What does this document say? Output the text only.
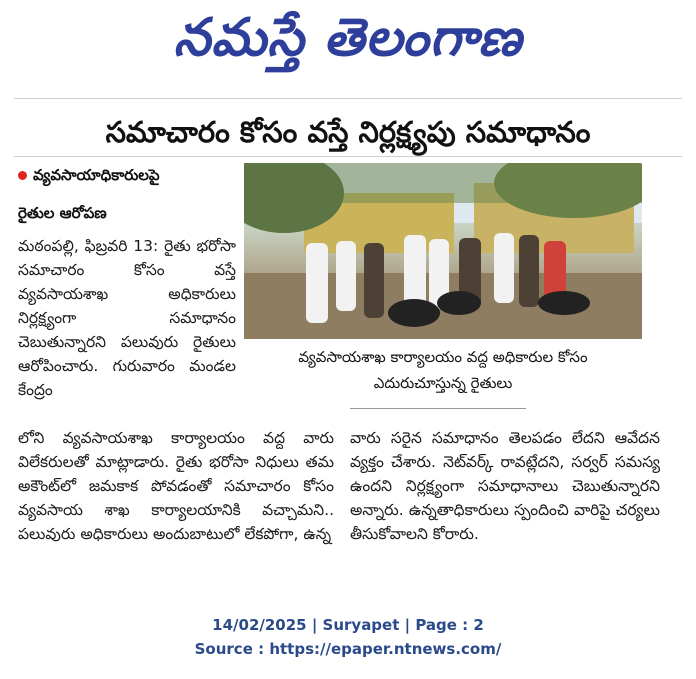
నమస్తే తెలంగాణ
సమాచారం కోసం వస్తే నిర్లక్ష్యపు సమాధానం
వ్యవసాయాధికారులపై
రైతుల ఆరోపణ

మఠంపల్లి, ఫిబ్రవరి 13: రైతు భరోసా సమాచారం కోసం వస్తే వ్యవసాయశాఖ అధికారులు నిర్లక్ష్యంగా సమాధానం చెబుతున్నారని పలువురు రైతులు ఆరోపించారు. గురువారం మండల కేంద్రం

వ్యవసాయశాఖ కార్యాలయం వద్ద అధికారుల కోసం ఎదురుచూస్తున్న రైతులు

లోని వ్యవసాయశాఖ కార్యాలయం వద్ద వారు విలేకరులతో మాట్లాడారు. రైతు భరోసా నిధులు తమ అకౌంట్‌లో జమకాక పోవడంతో సమాచారం కోసం వ్యవసాయ శాఖ కార్యాలయానికి వచ్చామని.. పలువురు అధికారులు అందుబాటులో లేకపోగా, ఉన్న

వారు సరైన సమాధానం తెలపడం లేదని ఆవేదన వ్యక్తం చేశారు. నెట్‌వర్క్ రావట్లేదని, సర్వర్ సమస్య ఉందని నిర్లక్ష్యంగా సమాధానాలు చెబుతున్నారని అన్నారు. ఉన్నతాధికారులు స్పందించి వారిపై చర్యలు తీసుకోవాలని కోరారు.

14/02/2025 | Suryapet | Page : 2
Source : https://epaper.ntnews.com/
